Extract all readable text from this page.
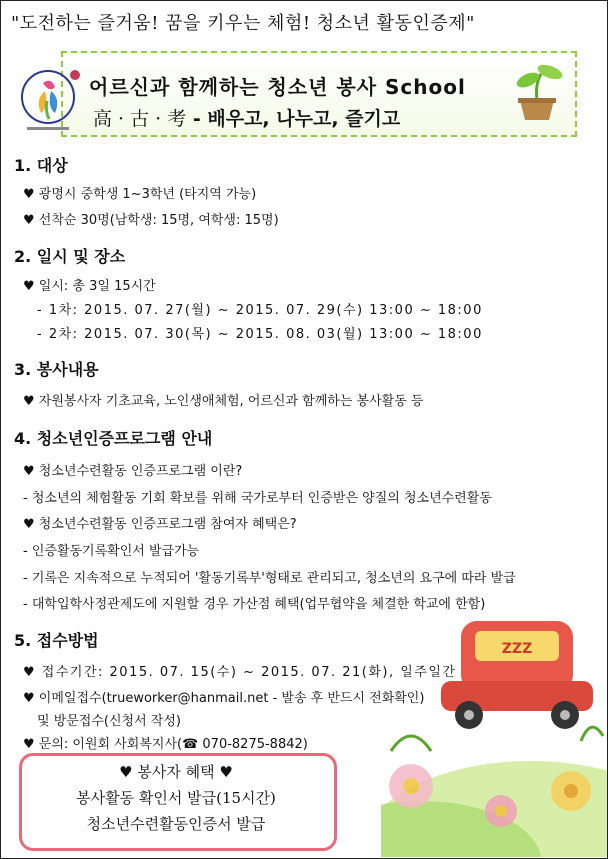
"도전하는 즐거움! 꿈을 키우는 체험! 청소년 활동인증제"
어르신과 함께하는 청소년 봉사 School
高 · 古 · 考 - 배우고, 나누고, 즐기고
1. 대상
♥ 광명시 중학생 1~3학년 (타지역 가능)
♥ 선착순 30명(남학생: 15명, 여학생: 15명)
2. 일시 및 장소
♥ 일시: 총 3일 15시간
- 1차: 2015. 07. 27(월) ~ 2015. 07. 29(수) 13:00 ~ 18:00
- 2차: 2015. 07. 30(목) ~ 2015. 08. 03(월) 13:00 ~ 18:00
3. 봉사내용
♥ 자원봉사자 기초교육, 노인생애체험, 어르신과 함께하는 봉사활동 등
4. 청소년인증프로그램 안내
♥ 청소년수련활동 인증프로그램 이란?
- 청소년의 체험활동 기회 확보를 위해 국가로부터 인증받은 양질의 청소년수련활동
♥ 청소년수련활동 인증프로그램 참여자 혜택은?
- 인증활동기록확인서 발급가능
- 기록은 지속적으로 누적되어 '활동기록부'형태로 관리되고, 청소년의 요구에 따라 발급
- 대학입학사정관제도에 지원할 경우 가산점 혜택(업무협약을 체결한 학교에 한함)
ZZZ
5. 접수방법
♥ 접수기간: 2015. 07. 15(수) ~ 2015. 07. 21(화), 일주일간
♥ 이메일접수(trueworker@hanmail.net - 발송 후 반드시 전화확인)
및 방문접수(신청서 작성)
♥ 문의: 이원회 사회복지사(☎ 070-8275-8842)
♥ 봉사자 혜택 ♥
봉사활동 확인서 발급(15시간)
청소년수련활동인증서 발급
